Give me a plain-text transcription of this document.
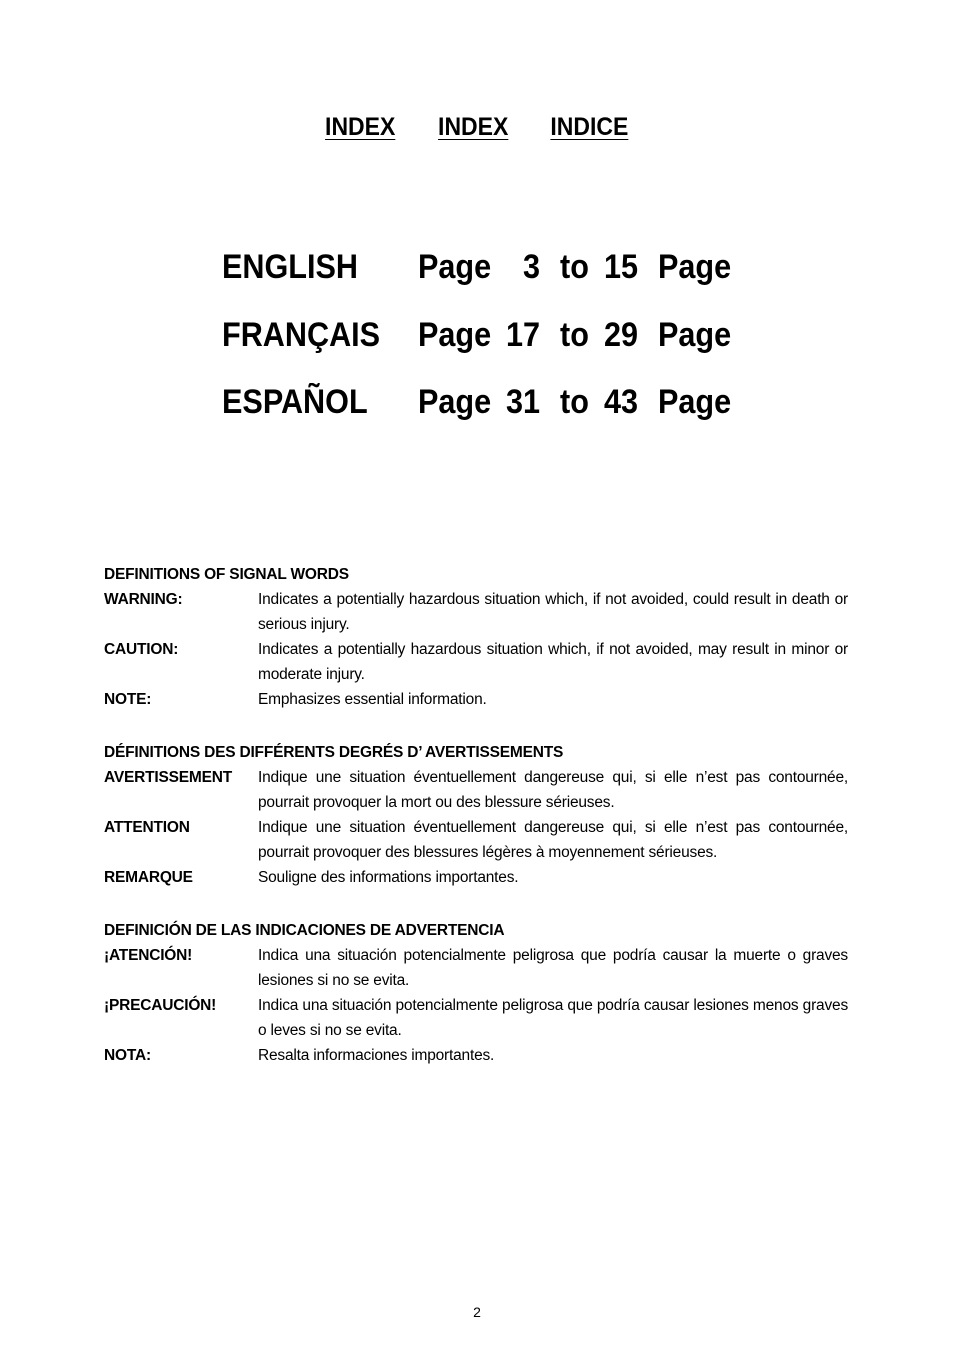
INDEX INDEX INDICE
ENGLISH Page 3 to 15 Page
FRANÇAIS Page 17 to 29 Page
ESPAÑOL Page 31 to 43 Page
DEFINITIONS OF SIGNAL WORDS
WARNING:	Indicates a potentially hazardous situation which, if not avoided, could result in death or serious injury.
CAUTION:	Indicates a potentially hazardous situation which, if not avoided, may result in minor or moderate injury.
NOTE:	Emphasizes essential information.
DÉFINITIONS DES DIFFÉRENTS DEGRÉS D’ AVERTISSEMENTS
AVERTISSEMENT	Indique une situation éventuellement dangereuse qui, si elle n’est pas contournée, pourrait provoquer la mort ou des blessure sérieuses.
ATTENTION	Indique une situation éventuellement dangereuse qui, si elle n’est pas contournée, pourrait provoquer des blessures légères à moyennement sérieuses.
REMARQUE	Souligne des informations importantes.
DEFINICIÓN DE LAS INDICACIONES DE ADVERTENCIA
¡ATENCIÓN!	Indica una situación potencialmente peligrosa que podría causar la muerte o graves lesiones si no se evita.
¡PRECAUCIÓN!	Indica una situación potencialmente peligrosa que podría causar lesiones menos graves o leves si no se evita.
NOTA:	Resalta informaciones importantes.
2
